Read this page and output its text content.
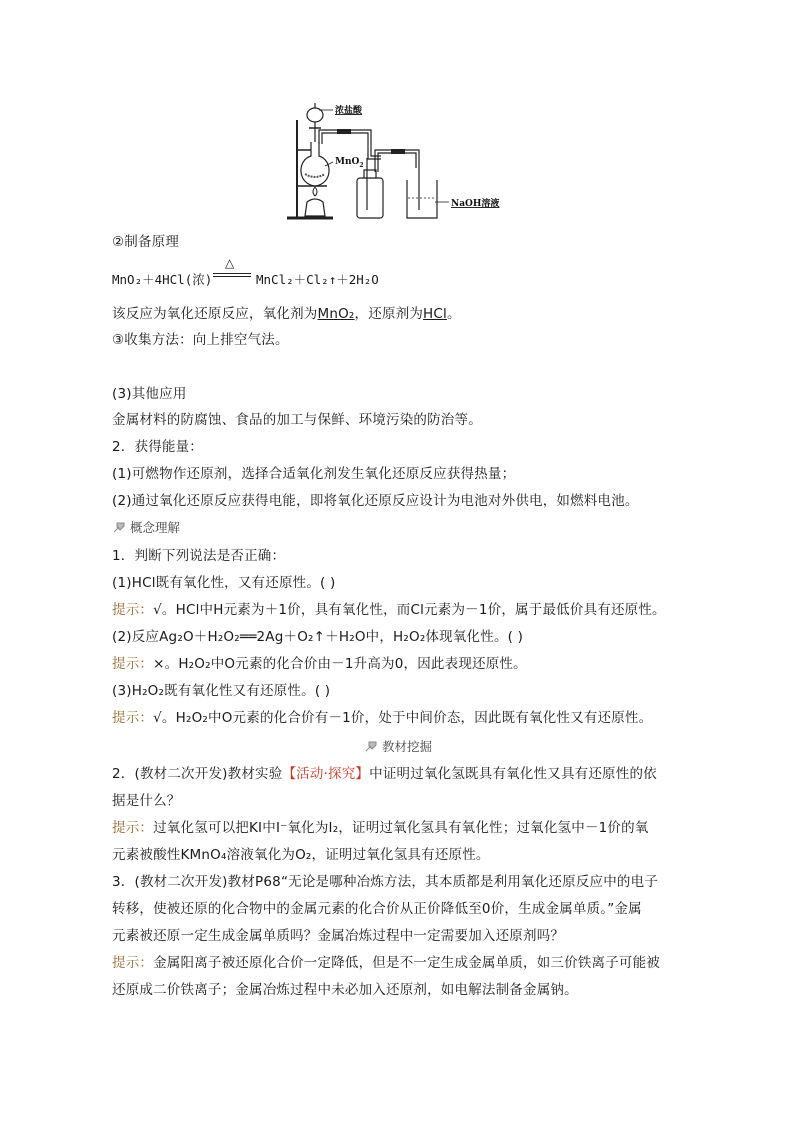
浓盐酸
MnO$_2$
NaOH溶液
②制备原理
MnO₂＋4HCl(浓)
△
MnCl₂＋Cl₂↑＋2H₂O
该反应为氧化还原反应，氧化剂为MnO₂，还原剂为HCl。
③收集方法：向上排空气法。
(3)其他应用
金属材料的防腐蚀、食品的加工与保鲜、环境污染的防治等。
2．获得能量：
(1)可燃物作还原剂，选择合适氧化剂发生氧化还原反应获得热量；
(2)通过氧化还原反应获得电能，即将氧化还原反应设计为电池对外供电，如燃料电池。
概念理解
1．判断下列说法是否正确：
(1)HCl既有氧化性，又有还原性。( )
提示：√。HCl中H元素为＋1价，具有氧化性，而Cl元素为－1价，属于最低价具有还原性。
(2)反应Ag₂O＋H₂O₂══2Ag＋O₂↑＋H₂O中，H₂O₂体现氧化性。( )
提示：×。H₂O₂中O元素的化合价由－1升高为0，因此表现还原性。
(3)H₂O₂既有氧化性又有还原性。( )
提示：√。H₂O₂中O元素的化合价有－1价，处于中间价态，因此既有氧化性又有还原性。
教材挖掘
2．(教材二次开发)教材实验【活动·探究】中证明过氧化氢既具有氧化性又具有还原性的依
据是什么？
提示：过氧化氢可以把KI中I⁻氧化为I₂，证明过氧化氢具有氧化性；过氧化氢中－1价的氧
元素被酸性KMnO₄溶液氧化为O₂，证明过氧化氢具有还原性。
3．(教材二次开发)教材P68“无论是哪种冶炼方法，其本质都是利用氧化还原反应中的电子
转移，使被还原的化合物中的金属元素的化合价从正价降低至0价，生成金属单质。”金属
元素被还原一定生成金属单质吗？金属冶炼过程中一定需要加入还原剂吗？
提示：金属阳离子被还原化合价一定降低，但是不一定生成金属单质，如三价铁离子可能被
还原成二价铁离子；金属冶炼过程中未必加入还原剂，如电解法制备金属钠。
